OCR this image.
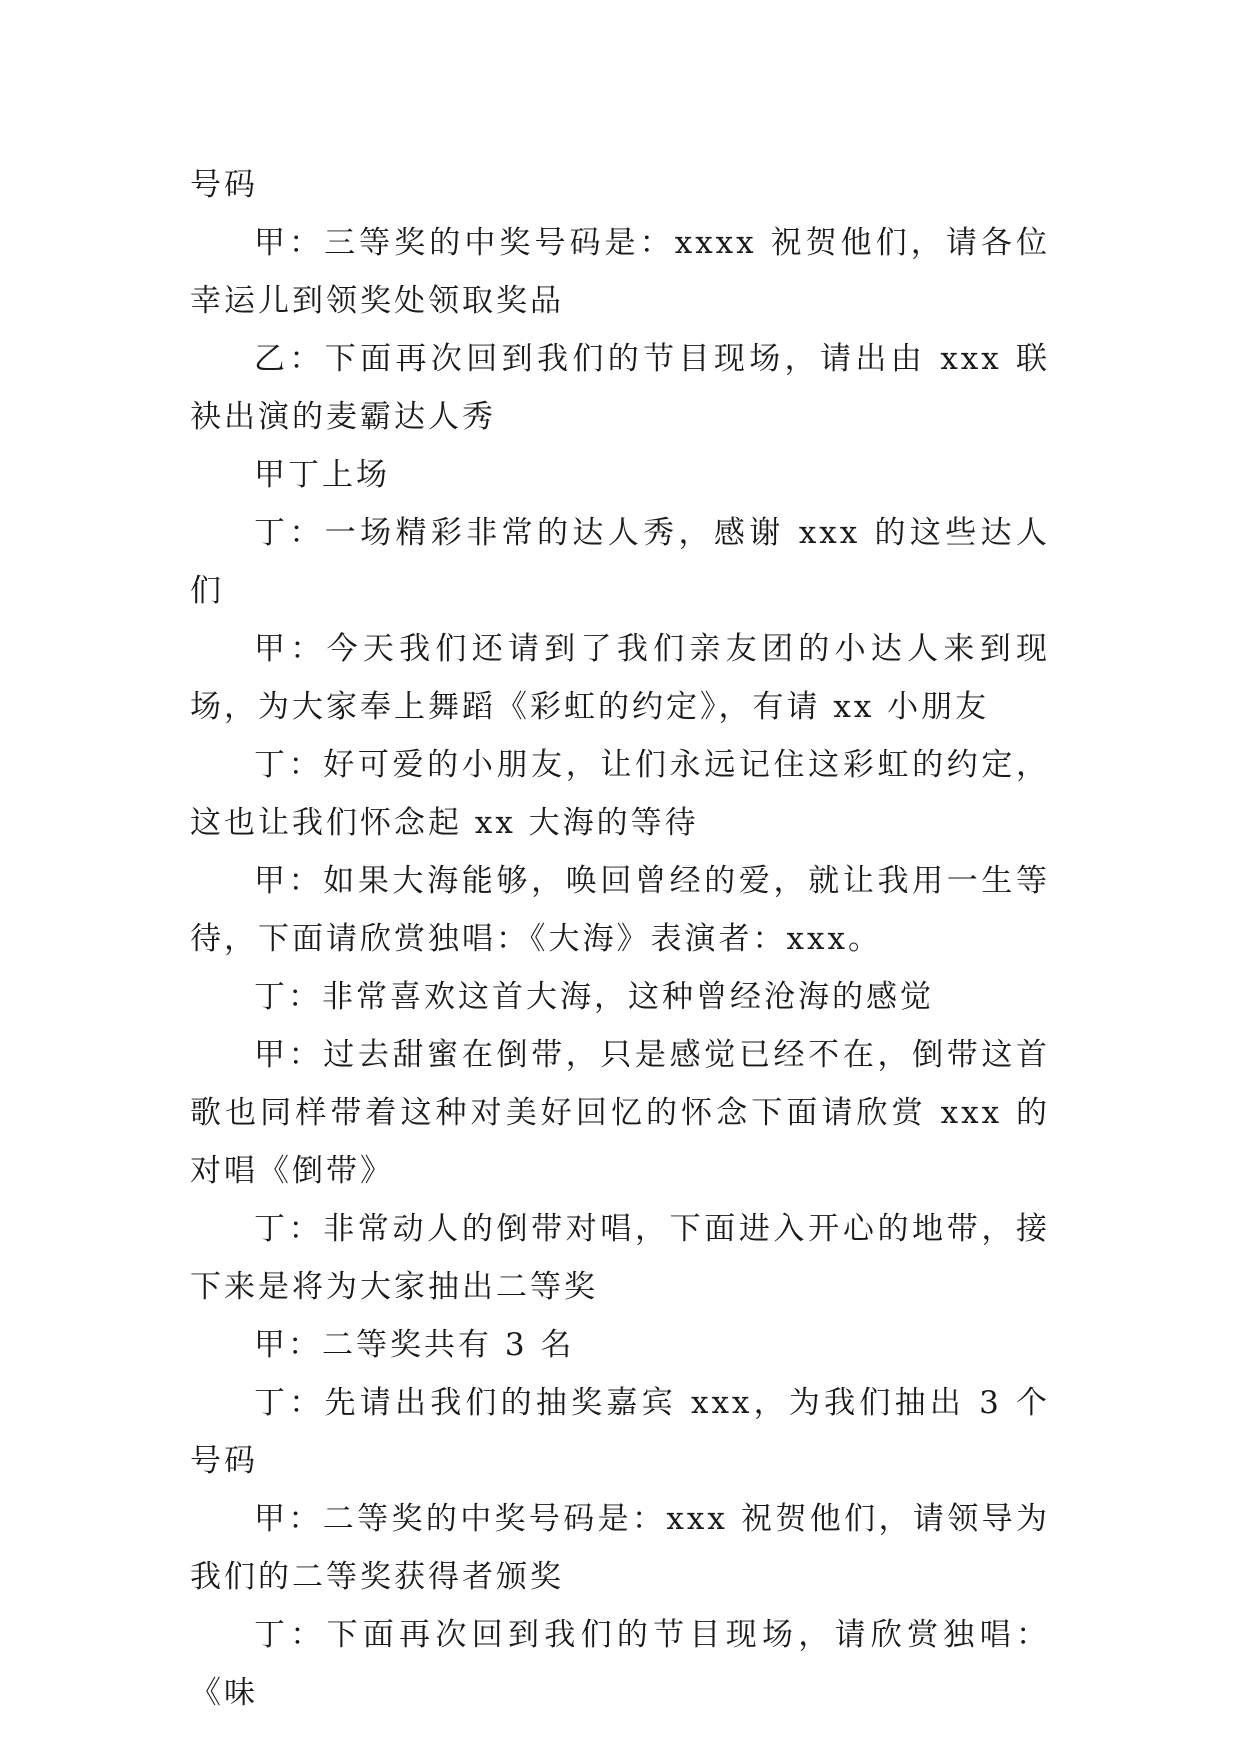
号码

甲：三等奖的中奖号码是：xxxx 祝贺他们，请各位幸运儿到领奖处领取奖品

乙：下面再次回到我们的节目现场，请出由 xxx 联袂出演的麦霸达人秀

甲丁上场

丁：一场精彩非常的达人秀，感谢 xxx 的这些达人们

甲：今天我们还请到了我们亲友团的小达人来到现场，为大家奉上舞蹈《彩虹的约定》，有请 xx 小朋友

丁：好可爱的小朋友，让们永远记住这彩虹的约定，这也让我们怀念起 xx 大海的等待

甲：如果大海能够，唤回曾经的爱，就让我用一生等待，下面请欣赏独唱：《大海》表演者：xxx。

丁：非常喜欢这首大海，这种曾经沧海的感觉

甲：过去甜蜜在倒带，只是感觉已经不在，倒带这首歌也同样带着这种对美好回忆的怀念下面请欣赏 xxx 的对唱《倒带》

丁：非常动人的倒带对唱，下面进入开心的地带，接下来是将为大家抽出二等奖

甲：二等奖共有 3 名

丁：先请出我们的抽奖嘉宾 xxx，为我们抽出 3 个号码

甲：二等奖的中奖号码是：xxx 祝贺他们，请领导为我们的二等奖获得者颁奖

丁：下面再次回到我们的节目现场，请欣赏独唱：《味
